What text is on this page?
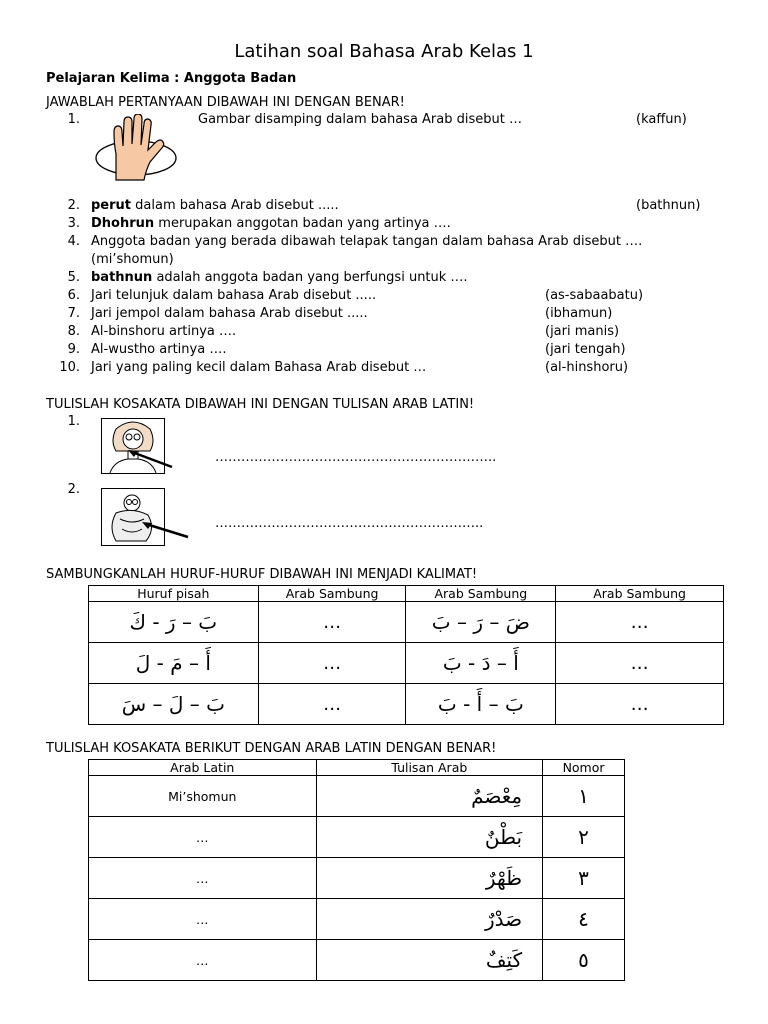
Latihan soal Bahasa Arab Kelas 1
Pelajaran Kelima : Anggota Badan
JAWABLAH PERTANYAAN DIBAWAH INI DENGAN BENAR!
1.	Gambar disamping dalam bahasa Arab disebut …	(kaffun)
2. perut dalam bahasa Arab disebut .....	(bathnun)
3. Dhohrun merupakan anggotan badan yang artinya ….
4. Anggota badan yang berada dibawah telapak tangan dalam bahasa Arab disebut ….
(mi’shomun)
5. bathnun adalah anggota badan yang berfungsi untuk ….
6. Jari telunjuk dalam bahasa Arab disebut .....	(as-sabaabatu)
7. Jari jempol dalam bahasa Arab disebut .....	(ibhamun)
8. Al-binshoru artinya ….	(jari manis)
9. Al-wustho artinya ….	(jari tengah)
10. Jari yang paling kecil dalam Bahasa Arab disebut …	(al-hinshoru)
TULISLAH KOSAKATA DIBAWAH INI DENGAN TULISAN ARAB LATIN!
1.
………………………………………………………..
2.
……………………………………………………..
SAMBUNGKANLAH HURUF-HURUF DIBAWAH INI MENJADI KALIMAT!
Huruf pisah	Arab Sambung	Arab Sambung	Arab Sambung
بَ – رَ - كَ	…	ضَ – رَ – بَ	…
أَ – مَ - لَ	…	أَ – دَ - بَ	…
بَ – لَ – سَ	…	بَ – أَ - بَ	…
TULISLAH KOSAKATA BERIKUT DENGAN ARAB LATIN DENGAN BENAR!
Arab Latin	Tulisan Arab	Nomor
Mi’shomun	مِعْصَمٌ	١
…	بَطْنٌ	٢
…	ظَهْرٌ	٣
…	صَدْرٌ	٤
…	كَتِفٌ	٥
